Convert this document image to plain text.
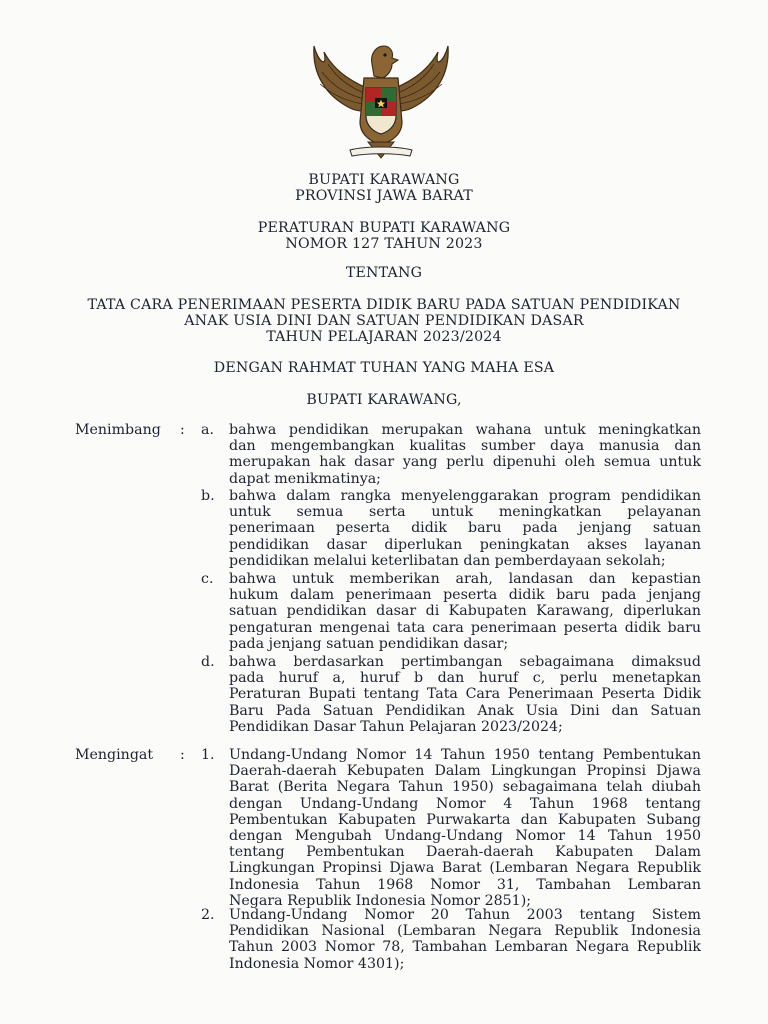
BUPATI KARAWANG
PROVINSI JAWA BARAT
PERATURAN BUPATI KARAWANG
NOMOR 127 TAHUN 2023
TENTANG
TATA CARA PENERIMAAN PESERTA DIDIK BARU PADA SATUAN PENDIDIKAN
ANAK USIA DINI DAN SATUAN PENDIDIKAN DASAR
TAHUN PELAJARAN 2023/2024
DENGAN RAHMAT TUHAN YANG MAHA ESA
BUPATI KARAWANG,
Menimbang : a. bahwa pendidikan merupakan wahana untuk meningkatkan
dan mengembangkan kualitas sumber daya manusia dan
merupakan hak dasar yang perlu dipenuhi oleh semua untuk
dapat menikmatinya;
b. bahwa dalam rangka menyelenggarakan program pendidikan
untuk semua serta untuk meningkatkan pelayanan
penerimaan peserta didik baru pada jenjang satuan
pendidikan dasar diperlukan peningkatan akses layanan
pendidikan melalui keterlibatan dan pemberdayaan sekolah;
c. bahwa untuk memberikan arah, landasan dan kepastian
hukum dalam penerimaan peserta didik baru pada jenjang
satuan pendidikan dasar di Kabupaten Karawang, diperlukan
pengaturan mengenai tata cara penerimaan peserta didik baru
pada jenjang satuan pendidikan dasar;
d. bahwa berdasarkan pertimbangan sebagaimana dimaksud
pada huruf a, huruf b dan huruf c, perlu menetapkan
Peraturan Bupati tentang Tata Cara Penerimaan Peserta Didik
Baru Pada Satuan Pendidikan Anak Usia Dini dan Satuan
Pendidikan Dasar Tahun Pelajaran 2023/2024;
Mengingat : 1. Undang-Undang Nomor 14 Tahun 1950 tentang Pembentukan
Daerah-daerah Kebupaten Dalam Lingkungan Propinsi Djawa
Barat (Berita Negara Tahun 1950) sebagaimana telah diubah
dengan Undang-Undang Nomor 4 Tahun 1968 tentang
Pembentukan Kabupaten Purwakarta dan Kabupaten Subang
dengan Mengubah Undang-Undang Nomor 14 Tahun 1950
tentang Pembentukan Daerah-daerah Kabupaten Dalam
Lingkungan Propinsi Djawa Barat (Lembaran Negara Republik
Indonesia Tahun 1968 Nomor 31, Tambahan Lembaran
Negara Republik Indonesia Nomor 2851);
2. Undang-Undang Nomor 20 Tahun 2003 tentang Sistem
Pendidikan Nasional (Lembaran Negara Republik Indonesia
Tahun 2003 Nomor 78, Tambahan Lembaran Negara Republik
Indonesia Nomor 4301);
